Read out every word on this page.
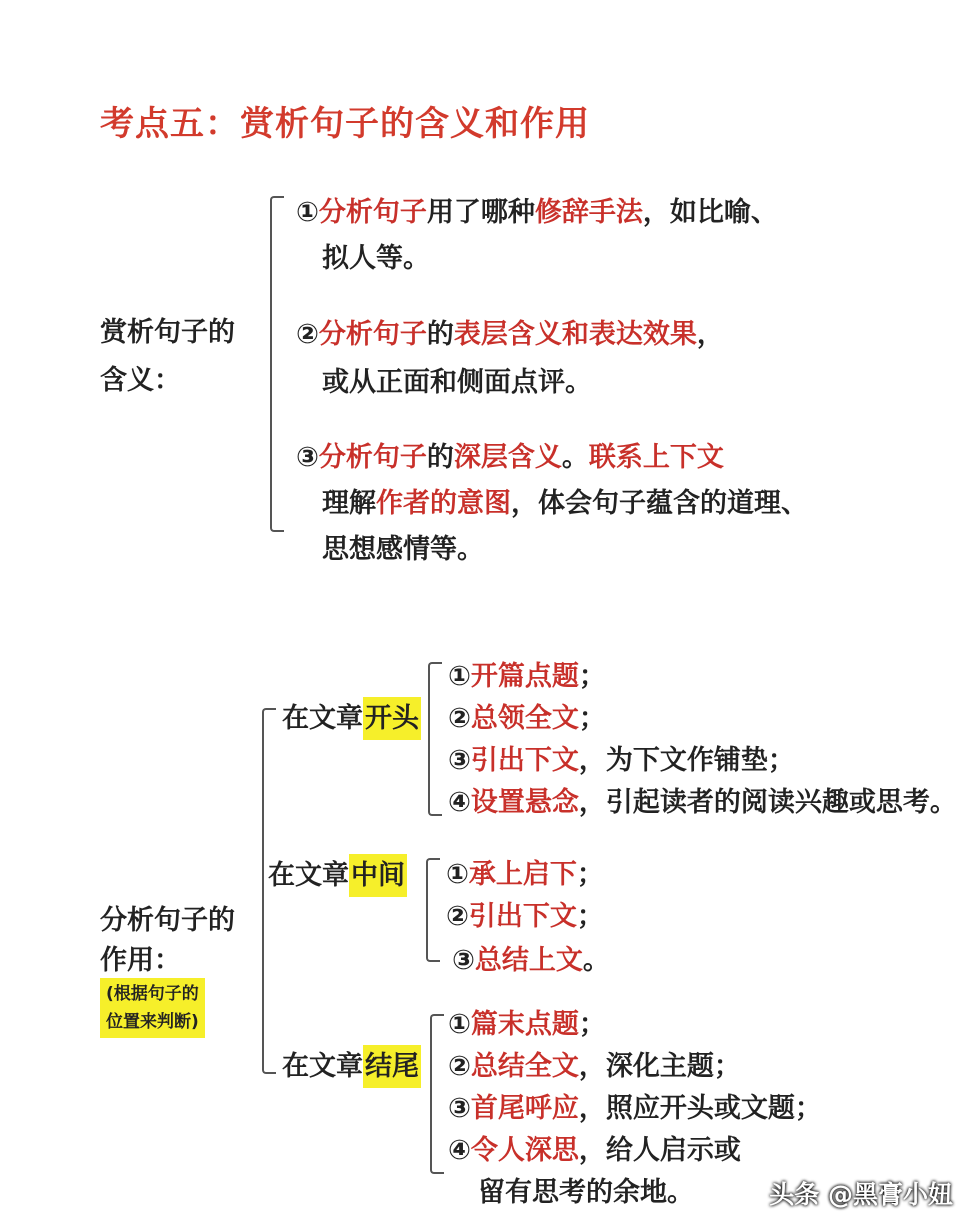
考点五：赏析句子的含义和作用
赏析句子的
含义：
①分析句子用了哪种修辞手法，如比喻、
拟人等。
②分析句子的表层含义和表达效果，
或从正面和侧面点评。
③分析句子的深层含义。联系上下文
理解作者的意图，体会句子蕴含的道理、
思想感情等。
分析句子的
作用：
(根据句子的
位置来判断)
在文章开头
①开篇点题；
②总领全文；
③引出下文，为下文作铺垫；
④设置悬念，引起读者的阅读兴趣或思考。
在文章中间 ①承上启下；
②引出下文；
③总结上文。
在文章结尾
①篇末点题；
②总结全文，深化主题；
③首尾呼应，照应开头或文题；
④令人深思，给人启示或
留有思考的余地。	头条 @黑膏小妞
